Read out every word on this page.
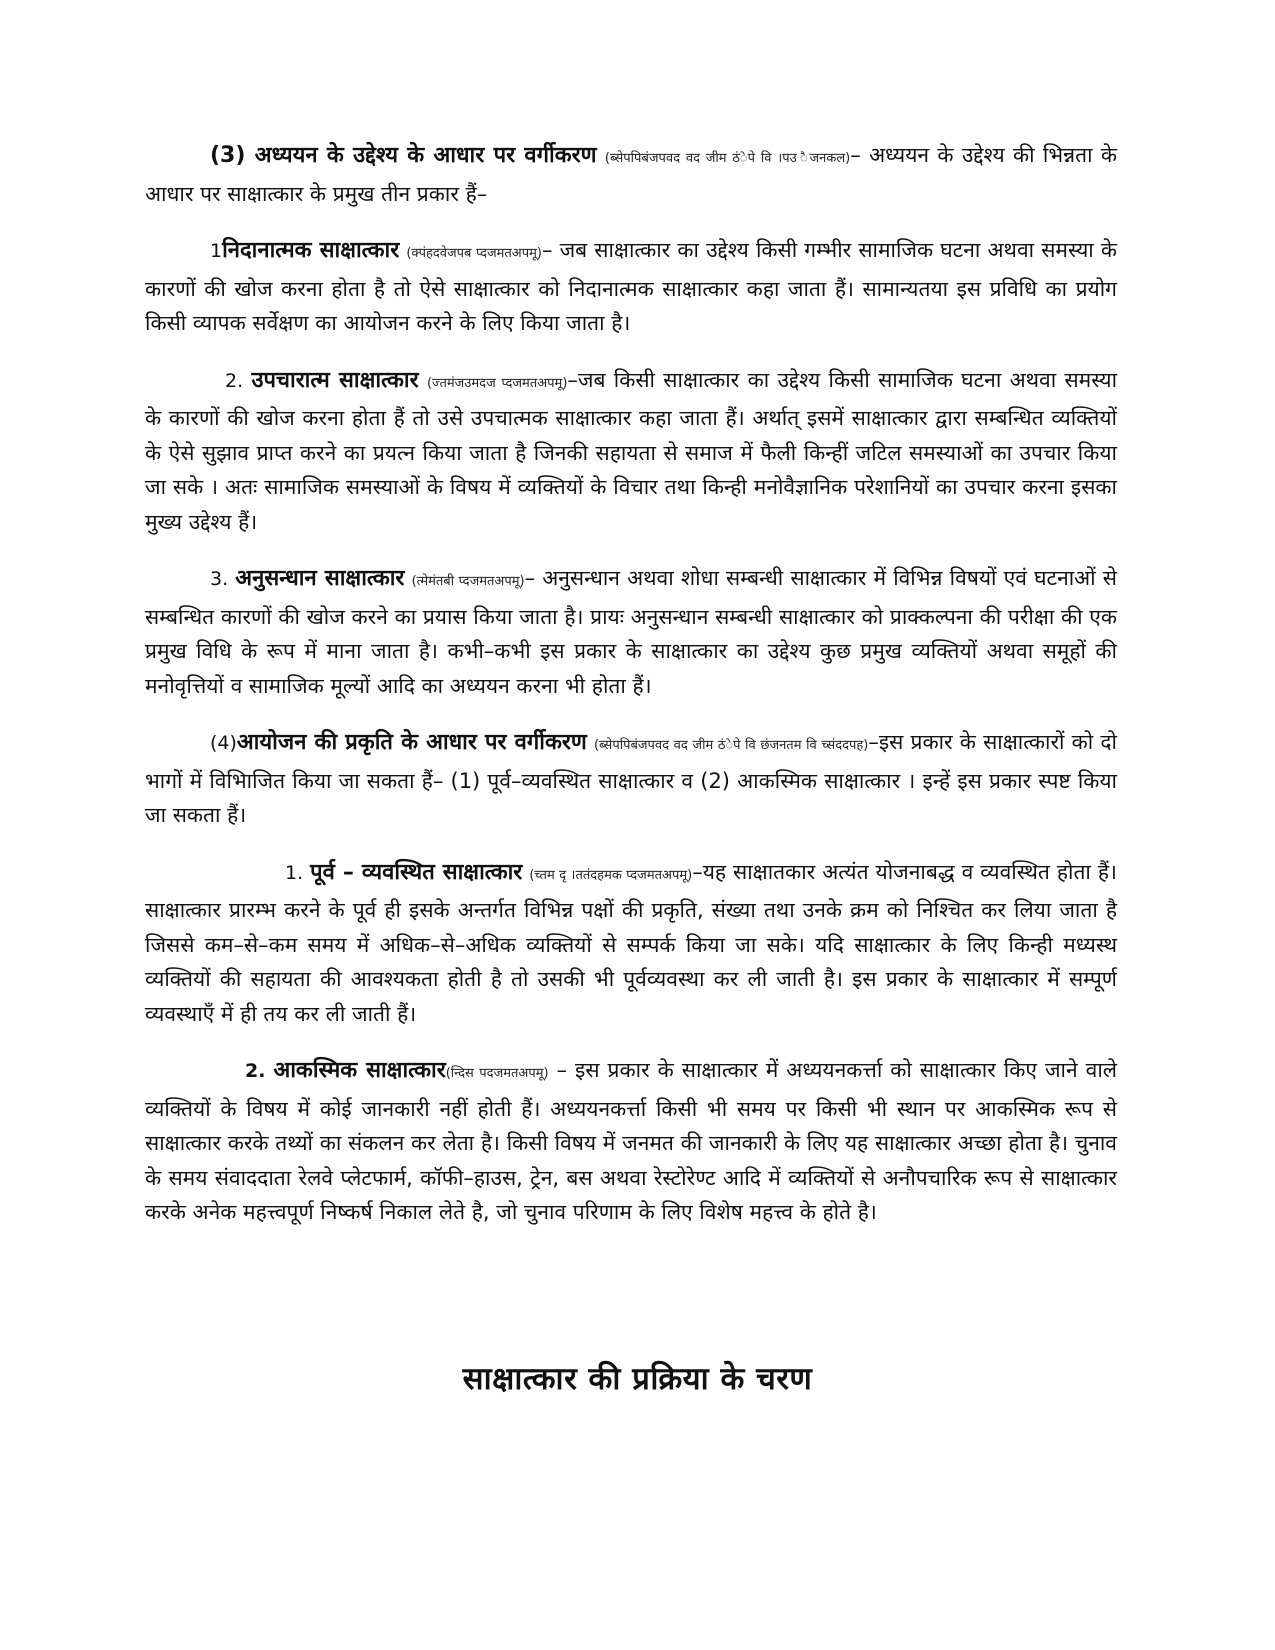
(3) अध्ययन के उद्देश्य के आधार पर वर्गीकरण (ब्सेपपिबंजपवद वद जीम ठंेपे वि ।पउ ैजनकल)– अध्ययन के उद्देश्य की भिन्नता के आधार पर साक्षात्कार के प्रमुख तीन प्रकार हैं–

1निदानात्मक साक्षात्कार (क्पंहदवेजपब प्दजमतअपमू)– जब साक्षात्कार का उद्देश्य किसी गम्भीर सामाजिक घटना अथवा समस्या के कारणों की खोज करना होता है तो ऐसे साक्षात्कार को निदानात्मक साक्षात्कार कहा जाता हैं। सामान्यतया इस प्रविधि का प्रयोग किसी व्यापक सर्वेक्षण का आयोजन करने के लिए किया जाता है।

2. उपचारात्म साक्षात्कार (ज्तमंजउमदज प्दजमतअपमू)–जब किसी साक्षात्कार का उद्देश्य किसी सामाजिक घटना अथवा समस्या के कारणों की खोज करना होता हैं तो उसे उपचात्मक साक्षात्कार कहा जाता हैं। अर्थात् इसमें साक्षात्कार द्वारा सम्बन्धित व्यक्तियों के ऐसे सुझाव प्राप्त करने का प्रयत्न किया जाता है जिनकी सहायता से समाज में फैली किन्हीं जटिल समस्याओं का उपचार किया जा सके । अतः सामाजिक समस्याओं के विषय में व्यक्तियों के विचार तथा किन्ही मनोवैज्ञानिक परेशानियों का उपचार करना इसका मुख्य उद्देश्य हैं।

3. अनुसन्धान साक्षात्कार (त्मेमंतबी प्दजमतअपमू)– अनुसन्धान अथवा शोधा सम्बन्धी साक्षात्कार में विभिन्न विषयों एवं घटनाओं से सम्बन्धित कारणों की खोज करने का प्रयास किया जाता है। प्रायः अनुसन्धान सम्बन्धी साक्षात्कार को प्राक्कल्पना की परीक्षा की एक प्रमुख विधि के रूप में माना जाता है। कभी–कभी इस प्रकार के साक्षात्कार का उद्देश्य कुछ प्रमुख व्यक्तियों अथवा समूहों की मनोवृत्तियों व सामाजिक मूल्यों आदि का अध्ययन करना भी होता हैं।

(4)आयोजन की प्रकृति के आधार पर वर्गीकरण (ब्सेपपिबंजपवद वद जीम ठंेपे वि छंजनतम वि च्संददपह)–इस प्रकार के साक्षात्कारों को दो भागों में विभिाजित किया जा सकता हैं– (1) पूर्व–व्यवस्थित साक्षात्कार व (2) आकस्मिक साक्षात्कार । इन्हें इस प्रकार स्पष्ट किया जा सकता हैं।

1. पूर्व – व्यवस्थित साक्षात्कार (च्तम दृ ।ततंदहमक प्दजमतअपमू)–यह साक्षातकार अत्यंत योजनाबद्ध व व्यवस्थित होता हैं। साक्षात्कार प्रारम्भ करने के पूर्व ही इसके अन्तर्गत विभिन्न पक्षों की प्रकृति, संख्या तथा उनके क्रम को निश्चित कर लिया जाता है जिससे कम–से–कम समय में अधिक–से–अधिक व्यक्तियों से सम्पर्क किया जा सके। यदि साक्षात्कार के लिए किन्ही मध्यस्थ व्यक्तियों की सहायता की आवश्यकता होती है तो उसकी भी पूर्वव्यवस्था कर ली जाती है। इस प्रकार के साक्षात्कार में सम्पूर्ण व्यवस्थाएँ में ही तय कर ली जाती हैं।

2. आकस्मिक साक्षात्कार(न्दिस पदजमतअपमू) – इस प्रकार के साक्षात्कार में अध्ययनकर्त्ता को साक्षात्कार किए जाने वाले व्यक्तियों के विषय में कोई जानकारी नहीं होती हैं। अध्ययनकर्त्ता किसी भी समय पर किसी भी स्थान पर आकस्मिक रूप से साक्षात्कार करके तथ्यों का संकलन कर लेता है। किसी विषय में जनमत की जानकारी के लिए यह साक्षात्कार अच्छा होता है। चुनाव के समय संवाददाता रेलवे प्लेटफार्म, कॉफी–हाउस, ट्रेन, बस अथवा रेस्टोरेण्ट आदि में व्यक्तियों से अनौपचारिक रूप से साक्षात्कार करके अनेक महत्त्वपूर्ण निष्कर्ष निकाल लेते है, जो चुनाव परिणाम के लिए विशेष महत्त्व के होते है।

साक्षात्कार की प्रक्रिया के चरण
